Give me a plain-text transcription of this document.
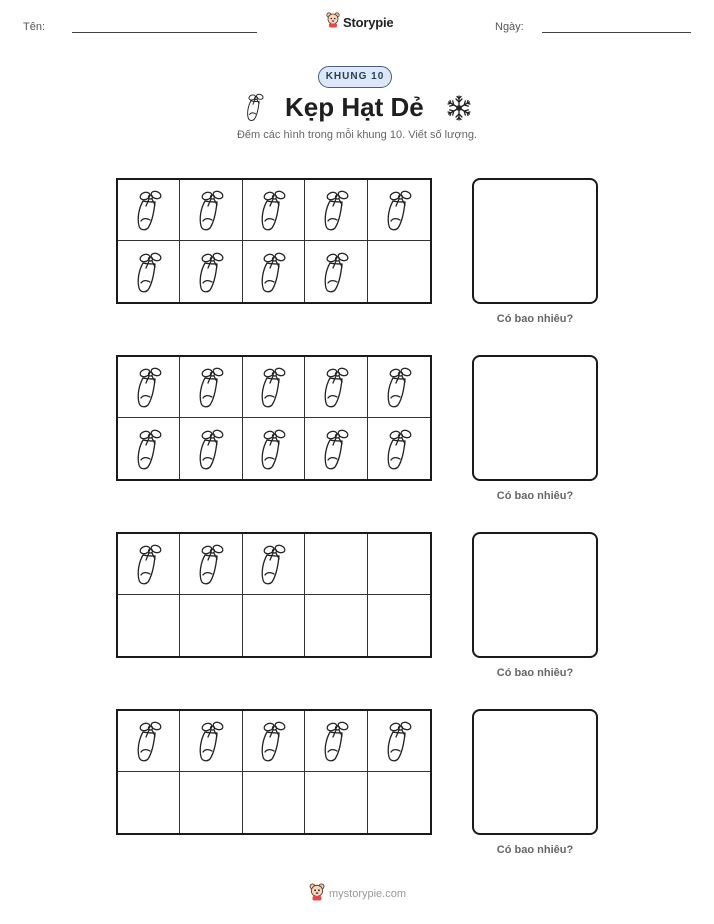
Tên:	Storypie	Ngày:
KHUNG 10
Kẹp Hạt Dẻ
Đếm các hình trong mỗi khung 10. Viết số lượng.
Có bao nhiêu?
Có bao nhiêu?
Có bao nhiêu?
Có bao nhiêu?
mystorypie.com
